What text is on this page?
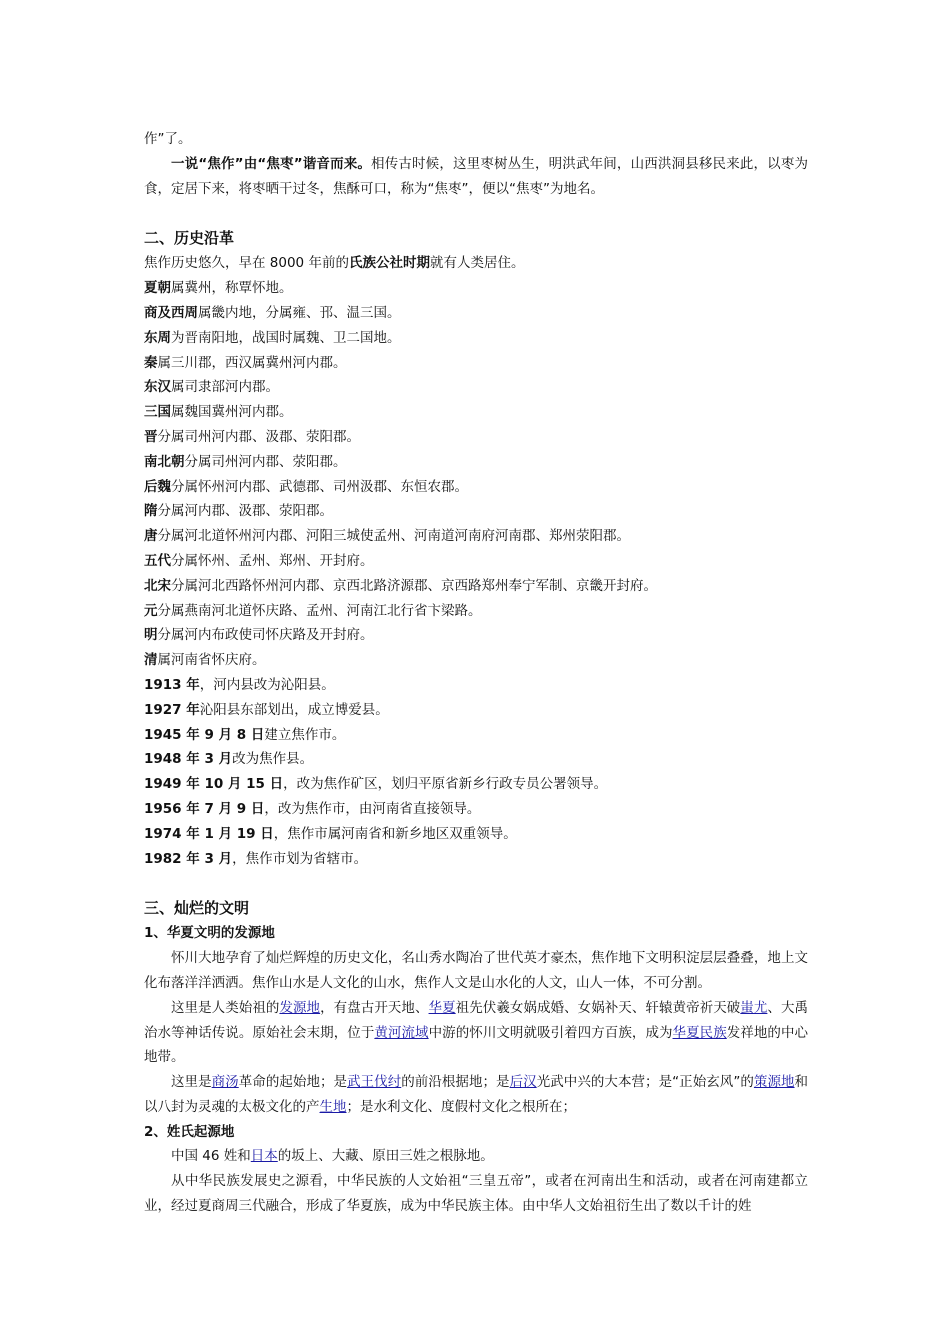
作”了。

一说“焦作”由“焦枣”谐音而来。相传古时候，这里枣树丛生，明洪武年间，山西洪洞县移民来此，以枣为食，定居下来，将枣晒干过冬，焦酥可口，称为“焦枣”，便以“焦枣”为地名。

二、历史沿革

焦作历史悠久，早在 8000 年前的氏族公社时期就有人类居住。

夏朝属冀州，称覃怀地。

商及西周属畿内地，分属雍、邘、温三国。

东周为晋南阳地，战国时属魏、卫二国地。

秦属三川郡，西汉属冀州河内郡。

东汉属司隶部河内郡。

三国属魏国冀州河内郡。

晋分属司州河内郡、汲郡、荥阳郡。

南北朝分属司州河内郡、荥阳郡。

后魏分属怀州河内郡、武德郡、司州汲郡、东恒农郡。

隋分属河内郡、汲郡、荥阳郡。

唐分属河北道怀州河内郡、河阳三城使孟州、河南道河南府河南郡、郑州荥阳郡。

五代分属怀州、孟州、郑州、开封府。

北宋分属河北西路怀州河内郡、京西北路济源郡、京西路郑州奉宁军制、京畿开封府。

元分属燕南河北道怀庆路、孟州、河南江北行省卞梁路。

明分属河内布政使司怀庆路及开封府。

清属河南省怀庆府。

1913 年，河内县改为沁阳县。

1927 年沁阳县东部划出，成立博爱县。

1945 年 9 月 8 日建立焦作市。

1948 年 3 月改为焦作县。

1949 年 10 月 15 日，改为焦作矿区，划归平原省新乡行政专员公署领导。

1956 年 7 月 9 日，改为焦作市，由河南省直接领导。

1974 年 1 月 19 日，焦作市属河南省和新乡地区双重领导。

1982 年 3 月，焦作市划为省辖市。

三、灿烂的文明

1、华夏文明的发源地

怀川大地孕育了灿烂辉煌的历史文化，名山秀水陶冶了世代英才豪杰，焦作地下文明积淀层层叠叠，地上文化布落洋洋洒洒。焦作山水是人文化的山水，焦作人文是山水化的人文，山人一体，不可分割。

这里是人类始祖的发源地，有盘古开天地、华夏祖先伏羲女娲成婚、女娲补天、轩辕黄帝祈天破蚩尤、大禹治水等神话传说。原始社会末期，位于黄河流域中游的怀川文明就吸引着四方百族，成为华夏民族发祥地的中心地带。

这里是商汤革命的起始地；是武王伐纣的前沿根据地；是后汉光武中兴的大本营；是“正始玄风”的策源地和以八封为灵魂的太极文化的产生地；是水利文化、度假村文化之根所在；

2、姓氏起源地

中国 46 姓和日本的坂上、大藏、原田三姓之根脉地。

从中华民族发展史之源看，中华民族的人文始祖“三皇五帝”，或者在河南出生和活动，或者在河南建都立业，经过夏商周三代融合，形成了华夏族，成为中华民族主体。由中华人文始祖衍生出了数以千计的姓
